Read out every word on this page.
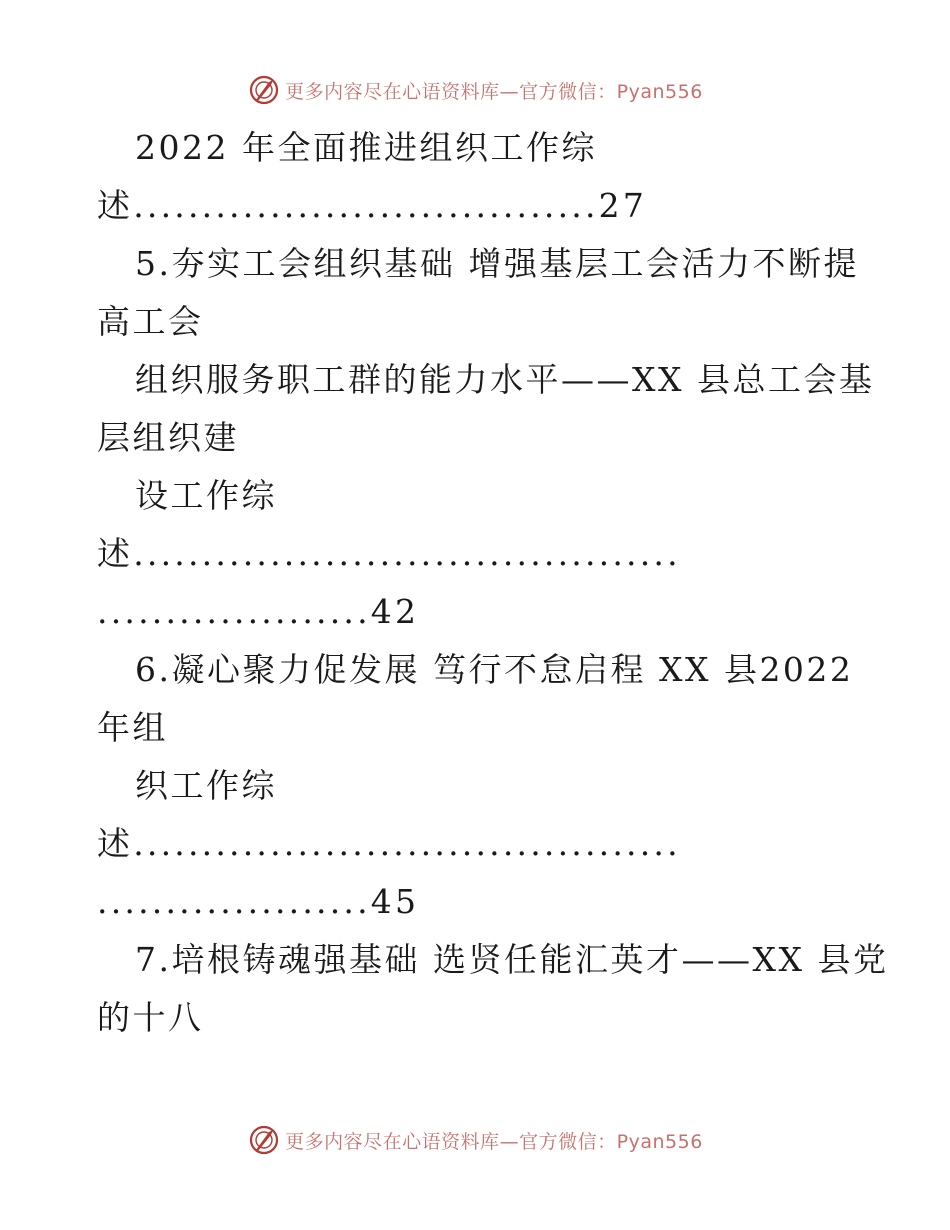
更多内容尽在心语资料库—官方微信：Pyan556
2022 年全面推进组织工作综
述..................................27
5.夯实工会组织基础 增强基层工会活力不断提
高工会
组织服务职工群的能力水平——XX 县总工会基
层组织建
设工作综
述........................................
....................42
6.凝心聚力促发展 笃行不怠启程 XX 县2022
年组
织工作综
述........................................
....................45
7.培根铸魂强基础 选贤任能汇英才——XX 县党
的十八
更多内容尽在心语资料库—官方微信：Pyan556
